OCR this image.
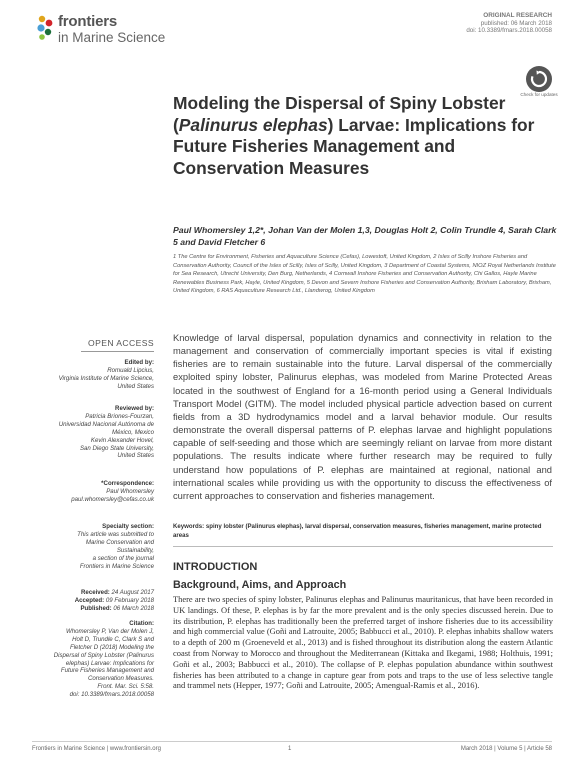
frontiers
in Marine Science
ORIGINAL RESEARCH
published: 06 March 2018
doi: 10.3389/fmars.2018.00058
Check for updates
Modeling the Dispersal of Spiny Lobster (Palinurus elephas) Larvae: Implications for Future Fisheries Management and Conservation Measures
Paul Whomersley 1,2*, Johan Van der Molen 1,3, Douglas Holt 2, Colin Trundle 4, Sarah Clark 5 and David Fletcher 6
1 The Centre for Environment, Fisheries and Aquaculture Science (Cefas), Lowestoft, United Kingdom, 2 Isles of Scilly Inshore Fisheries and Conservation Authority, Council of the Isles of Scilly, Isles of Scilly, United Kingdom, 3 Department of Coastal Systems, NIOZ Royal Netherlands Institute for Sea Research, Utrecht University, Den Burg, Netherlands, 4 Cornwall Inshore Fisheries and Conservation Authority, Chi Gallos, Hayle Marine Renewables Business Park, Hayle, United Kingdom, 5 Devon and Severn Inshore Fisheries and Conservation Authority, Brixham Laboratory, Brixham, United Kingdom, 6 RAS Aquaculture Research Ltd., Llandwrog, United Kingdom
OPEN ACCESS
Edited by:
Romuald Lipcius,
Virginia Institute of Marine Science,
United States
Reviewed by:
Patricia Briones-Fourzan,
Universidad Nacional Autónoma de
México, Mexico
Kevin Alexander Hovel,
San Diego State University,
United States
*Correspondence:
Paul Whomersley
paul.whomersley@cefas.co.uk
Specialty section:
This article was submitted to
Marine Conservation and
Sustainability,
a section of the journal
Frontiers in Marine Science
Received: 24 August 2017
Accepted: 09 February 2018
Published: 06 March 2018
Citation:
Whomersley P, Van der Molen J,
Holt D, Trundle C, Clark S and
Fletcher D (2018) Modeling the
Dispersal of Spiny Lobster (Palinurus
elephas) Larvae: Implications for
Future Fisheries Management and
Conservation Measures.
Front. Mar. Sci. 5:58.
doi: 10.3389/fmars.2018.00058
Knowledge of larval dispersal, population dynamics and connectivity in relation to the management and conservation of commercially important species is vital if existing fisheries are to remain sustainable into the future. Larval dispersal of the commercially exploited spiny lobster, Palinurus elephas, was modeled from Marine Protected Areas located in the southwest of England for a 16-month period using a General Individuals Transport Model (GITM). The model included physical particle advection based on current fields from a 3D hydrodynamics model and a larval behavior module. Our results demonstrate the overall dispersal patterns of P. elephas larvae and highlight populations capable of self-seeding and those which are seemingly reliant on larvae from more distant populations. The results indicate where further research may be required to fully understand how populations of P. elephas are maintained at regional, national and international scales while providing us with the opportunity to discuss the effectiveness of current approaches to conservation and fisheries management.
Keywords: spiny lobster (Palinurus elephas), larval dispersal, conservation measures, fisheries management, marine protected areas
INTRODUCTION
Background, Aims, and Approach
There are two species of spiny lobster, Palinurus elephas and Palinurus mauritanicus, that have been recorded in UK landings. Of these, P. elephas is by far the more prevalent and is the only species discussed herein. Due to its distribution, P. elephas has traditionally been the preferred target of inshore fisheries due to its accessibility and high commercial value (Goñi and Latrouite, 2005; Babbucci et al., 2010). P. elephas inhabits shallow waters to a depth of 200 m (Groeneveld et al., 2013) and is fished throughout its distribution along the eastern Atlantic coast from Norway to Morocco and throughout the Mediterranean (Kittaka and Ikegami, 1988; Holthuis, 1991; Goñi et al., 2003; Babbucci et al., 2010). The collapse of P. elephas population abundance within southwest fisheries has been attributed to a change in capture gear from pots and traps to the use of less selective tangle and trammel nets (Hepper, 1977; Goñi and Latrouite, 2005; Amengual-Ramis et al., 2016).
Frontiers in Marine Science | www.frontiersin.org	1	March 2018 | Volume 5 | Article 58
